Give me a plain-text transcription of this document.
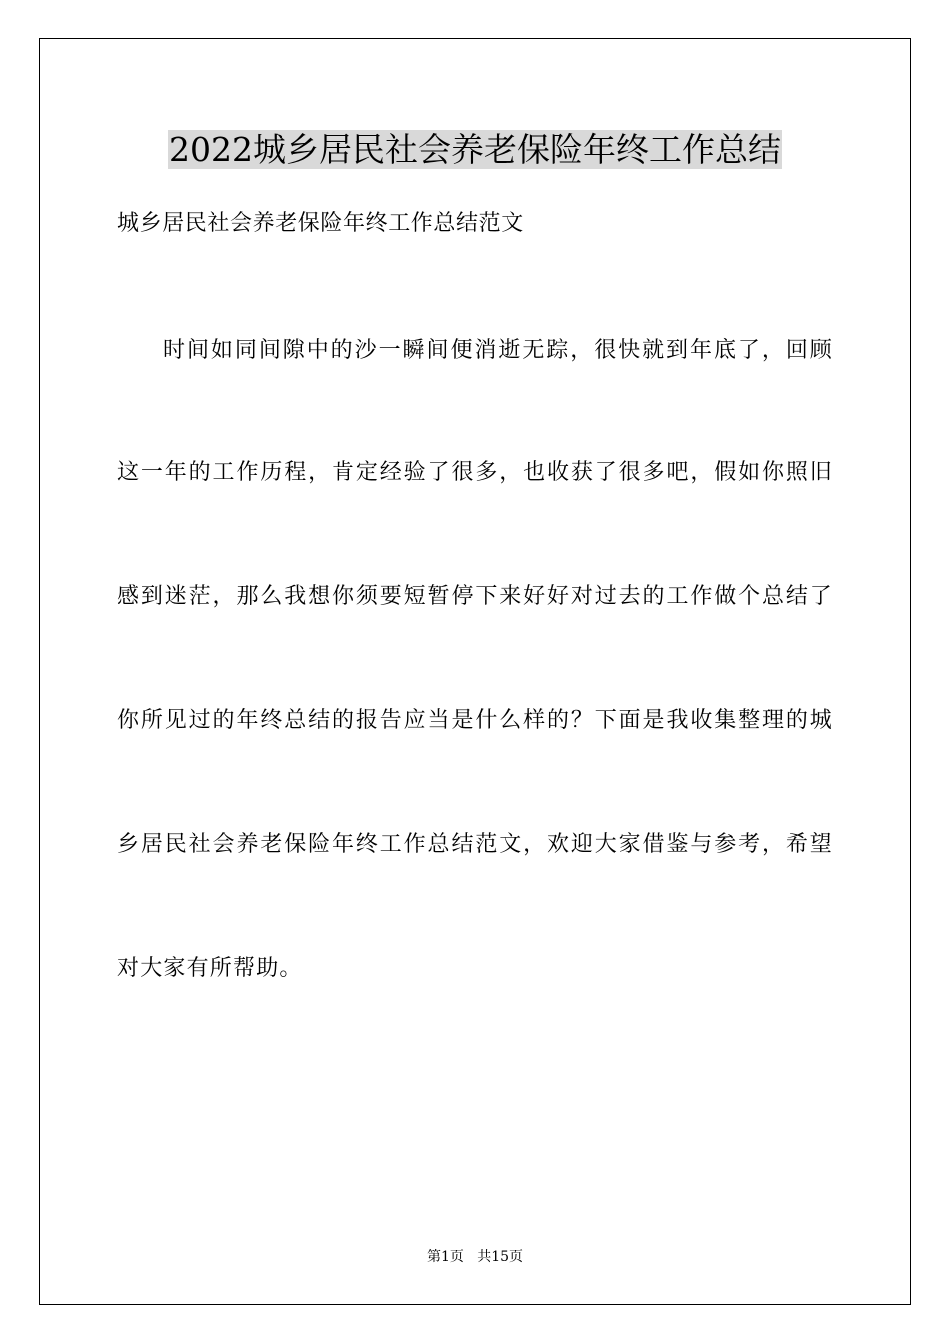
2022城乡居民社会养老保险年终工作总结
城乡居民社会养老保险年终工作总结范文
时间如同间隙中的沙一瞬间便消逝无踪，很快就到年底了，回顾
这一年的工作历程，肯定经验了很多，也收获了很多吧，假如你照旧
感到迷茫，那么我想你须要短暂停下来好好对过去的工作做个总结了
你所见过的年终总结的报告应当是什么样的？下面是我收集整理的城
乡居民社会养老保险年终工作总结范文，欢迎大家借鉴与参考，希望
对大家有所帮助。
第1页   共15页
